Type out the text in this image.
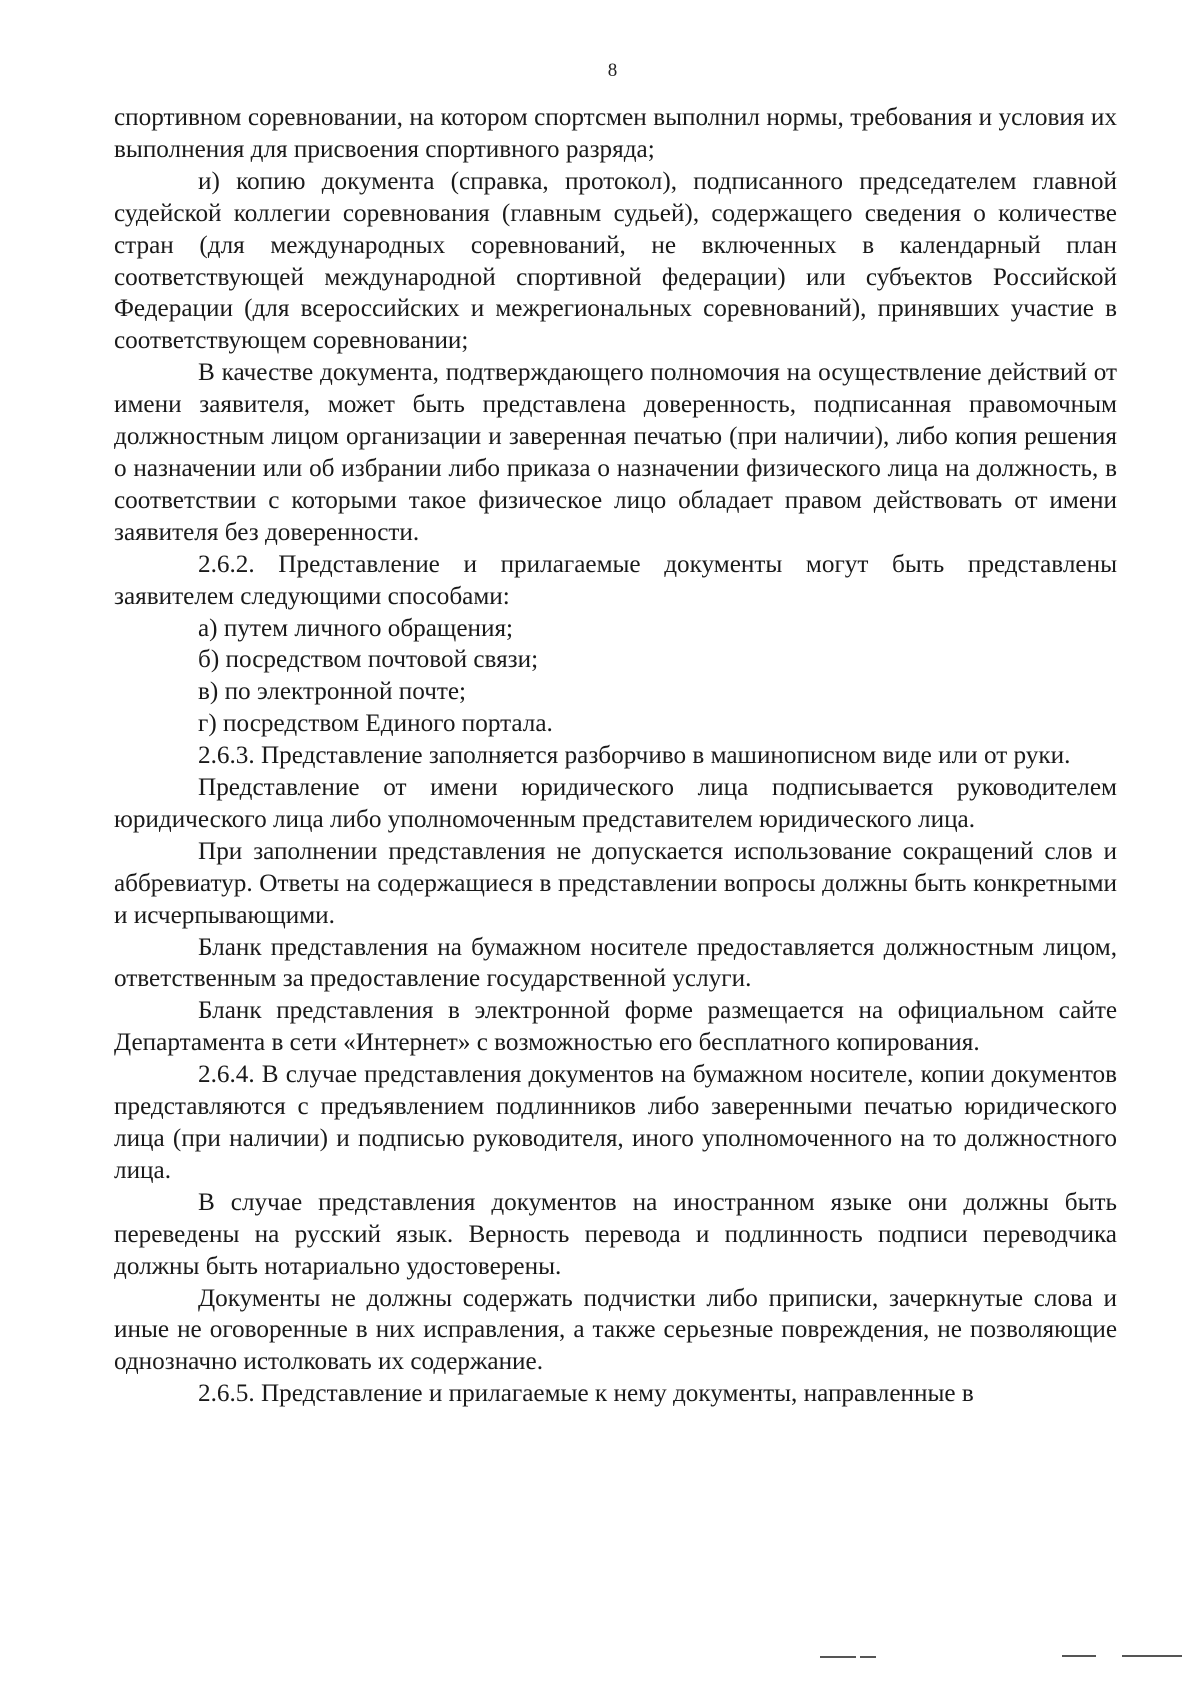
8

спортивном соревновании, на котором спортсмен выполнил нормы, требования и условия их выполнения для присвоения спортивного разряда;

и) копию документа (справка, протокол), подписанного председателем главной судейской коллегии соревнования (главным судьей), содержащего сведения о количестве стран (для международных соревнований, не включенных в календарный план соответствующей международной спортивной федерации) или субъектов Российской Федерации (для всероссийских и межрегиональных соревнований), принявших участие в соответствующем соревновании;

В качестве документа, подтверждающего полномочия на осуществление действий от имени заявителя, может быть представлена доверенность, подписанная правомочным должностным лицом организации и заверенная печатью (при наличии), либо копия решения о назначении или об избрании либо приказа о назначении физического лица на должность, в соответствии с которыми такое физическое лицо обладает правом действовать от имени заявителя без доверенности.

2.6.2. Представление и прилагаемые документы могут быть представлены заявителем следующими способами:

а) путем личного обращения;

б) посредством почтовой связи;

в) по электронной почте;

г) посредством Единого портала.

2.6.3. Представление заполняется разборчиво в машинописном виде или от руки.

Представление от имени юридического лица подписывается руководителем юридического лица либо уполномоченным представителем юридического лица.

При заполнении представления не допускается использование сокращений слов и аббревиатур. Ответы на содержащиеся в представлении вопросы должны быть конкретными и исчерпывающими.

Бланк представления на бумажном носителе предоставляется должностным лицом, ответственным за предоставление государственной услуги.

Бланк представления в электронной форме размещается на официальном сайте Департамента в сети «Интернет» с возможностью его бесплатного копирования.

2.6.4. В случае представления документов на бумажном носителе, копии документов представляются с предъявлением подлинников либо заверенными печатью юридического лица (при наличии) и подписью руководителя, иного уполномоченного на то должностного лица.

В случае представления документов на иностранном языке они должны быть переведены на русский язык. Верность перевода и подлинность подписи переводчика должны быть нотариально удостоверены.

Документы не должны содержать подчистки либо приписки, зачеркнутые слова и иные не оговоренные в них исправления, а также серьезные повреждения, не позволяющие однозначно истолковать их содержание.

2.6.5. Представление и прилагаемые к нему документы, направленные в
